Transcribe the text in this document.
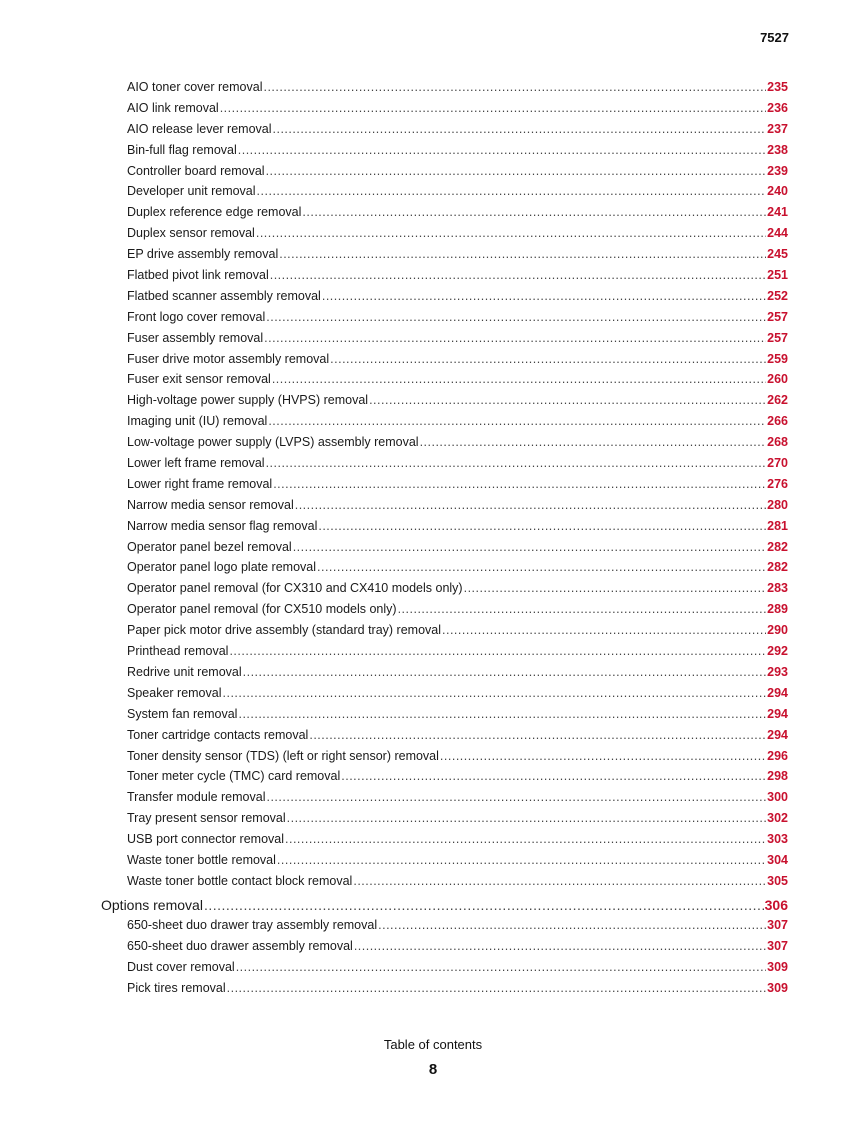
7527
AIO toner cover removal .....	235
AIO link removal .....	236
AIO release lever removal .....	237
Bin-full flag removal .....	238
Controller board removal .....	239
Developer unit removal .....	240
Duplex reference edge removal .....	241
Duplex sensor removal .....	244
EP drive assembly removal .....	245
Flatbed pivot link removal .....	251
Flatbed scanner assembly removal .....	252
Front logo cover removal .....	257
Fuser assembly removal .....	257
Fuser drive motor assembly removal .....	259
Fuser exit sensor removal .....	260
High-voltage power supply (HVPS) removal .....	262
Imaging unit (IU) removal .....	266
Low-voltage power supply (LVPS) assembly removal .....	268
Lower left frame removal .....	270
Lower right frame removal .....	276
Narrow media sensor removal .....	280
Narrow media sensor flag removal .....	281
Operator panel bezel removal .....	282
Operator panel logo plate removal .....	282
Operator panel removal (for CX310 and CX410 models only) .....	283
Operator panel removal (for CX510 models only) .....	289
Paper pick motor drive assembly (standard tray) removal .....	290
Printhead removal .....	292
Redrive unit removal .....	293
Speaker removal .....	294
System fan removal .....	294
Toner cartridge contacts removal .....	294
Toner density sensor (TDS) (left or right sensor) removal .....	296
Toner meter cycle (TMC) card removal .....	298
Transfer module removal .....	300
Tray present sensor removal .....	302
USB port connector removal .....	303
Waste toner bottle removal .....	304
Waste toner bottle contact block removal .....	305
Options removal .....	306
650-sheet duo drawer tray assembly removal .....	307
650-sheet duo drawer assembly removal .....	307
Dust cover removal .....	309
Pick tires removal .....	309
Table of contents
8
